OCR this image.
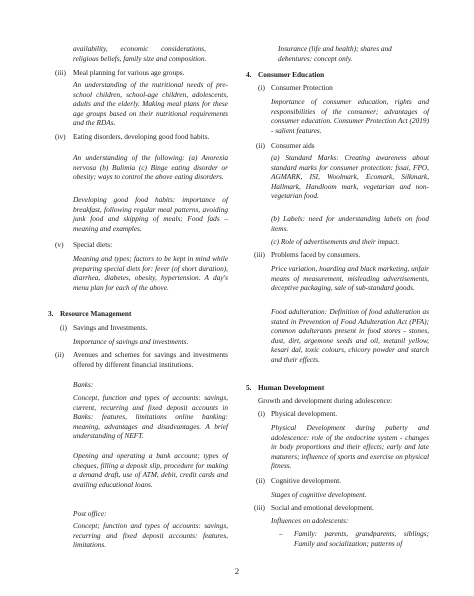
availability,       economic       considerations,

religious beliefs, family size and composition.

(iii) Meal planning for various age groups.

An understanding of the nutritional needs of pre-school children, school-age children, adolescents, adults and the elderly. Making meal plans for these age groups based on their nutritional requirements and the RDAs.

(iv) Eating disorders, developing good food habits.

An understanding of the following: (a) Anorexia nervosa (b) Bulimia (c) Binge eating disorder or obesity; ways to control the above eating disorders.

Developing good food habits: importance of breakfast, following regular meal patterns, avoiding junk food and skipping of meals; Food fads – meaning and examples.

(v) Special diets:

Meaning and types; factors to be kept in mind while preparing special diets for: fever (of short duration), diarrhea, diabetes, obesity, hypertension. A day's menu plan for each of the above.

3. Resource Management

(i) Savings and Investments.

Importance of savings and investments.

(ii) Avenues and schemes for savings and investments offered by different financial institutions.

Banks:

Concept, function and types of accounts: savings, current, recurring and fixed deposit accounts in Banks: features, limitations online banking: meaning, advantages and disadvantages. A brief understanding of NEFT.

Opening and operating a bank account; types of cheques, filling a deposit slip, procedure for making a demand draft, use of ATM, debit, credit cards and availing educational loans.

Post office:

Concept; function and types of accounts: savings, recurring and fixed deposit accounts: features, limitations.

Insurance (life and health); shares and

debentures: concept only.

4. Consumer Education

(i) Consumer Protection

Importance of consumer education, rights and responsibilities of the consumer; advantages of consumer education. Consumer Protection Act (2019) - salient features.

(ii) Consumer aids

(a) Standard Marks: Creating awareness about standard marks for consumer protection: fssai, FPO, AGMARK, ISI, Woolmark, Ecomark, Silkmark, Hallmark, Handloom mark, vegetarian and non-vegetarian food.

(b) Labels: need for understanding labels on food items.

(c) Role of advertisements and their impact.

(iii) Problems faced by consumers.

Price variation, hoarding and black marketing, unfair means of measurement, misleading advertisements, deceptive packaging, sale of sub-standard goods.

Food adulteration: Definition of food adulteration as stated in Prevention of Food Adulteration Act (PFA); common adulterants present in food stores - stones, dust, dirt, argemone seeds and oil, metanil yellow, kesari dal, toxic colours, chicory powder and starch and their effects.

5. Human Development

Growth and development during adolescence:

(i) Physical development.

Physical Development during puberty and adolescence: role of the endocrine system - changes in body proportions and their effects; early and late maturers; influence of sports and exercise on physical fitness.

(ii) Cognitive development.

Stages of cognitive development.

(iii) Social and emotional development.

Influences on adolescents:

– Family: parents, grandparents, siblings; Family and socialization; patterns of

2
